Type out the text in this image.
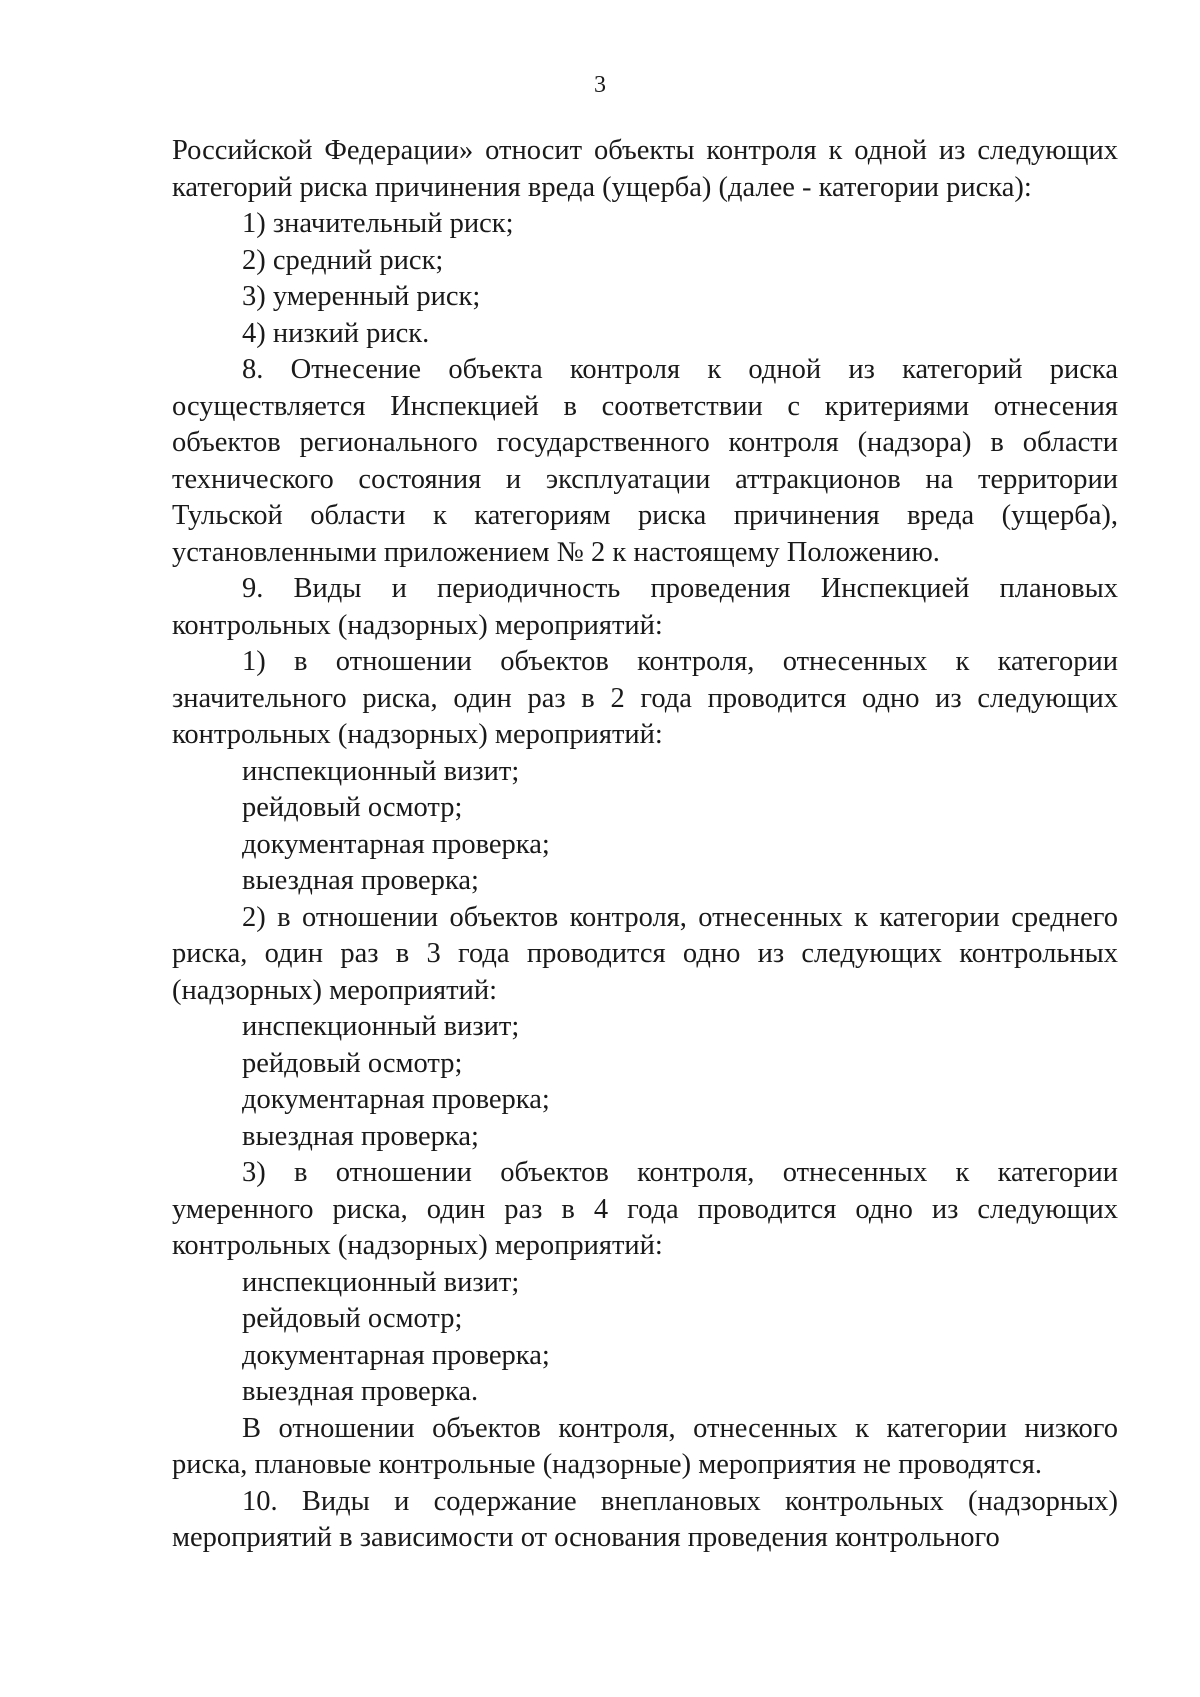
3

Российской Федерации» относит объекты контроля к одной из следующих категорий риска причинения вреда (ущерба) (далее - категории риска):

1) значительный риск;

2) средний риск;

3) умеренный риск;

4) низкий риск.

8. Отнесение объекта контроля к одной из категорий риска осуществляется Инспекцией в соответствии с критериями отнесения объектов регионального государственного контроля (надзора) в области технического состояния и эксплуатации аттракционов на территории Тульской области к категориям риска причинения вреда (ущерба), установленными приложением № 2 к настоящему Положению.

9. Виды и периодичность проведения Инспекцией плановых контрольных (надзорных) мероприятий:

1) в отношении объектов контроля, отнесенных к категории значительного риска, один раз в 2 года проводится одно из следующих контрольных (надзорных) мероприятий:

инспекционный визит;

рейдовый осмотр;

документарная проверка;

выездная проверка;

2) в отношении объектов контроля, отнесенных к категории среднего риска, один раз в 3 года проводится одно из следующих контрольных (надзорных) мероприятий:

инспекционный визит;

рейдовый осмотр;

документарная проверка;

выездная проверка;

3) в отношении объектов контроля, отнесенных к категории умеренного риска, один раз в 4 года проводится одно из следующих контрольных (надзорных) мероприятий:

инспекционный визит;

рейдовый осмотр;

документарная проверка;

выездная проверка.

В отношении объектов контроля, отнесенных к категории низкого риска, плановые контрольные (надзорные) мероприятия не проводятся.

10. Виды и содержание внеплановых контрольных (надзорных) мероприятий в зависимости от основания проведения контрольного
